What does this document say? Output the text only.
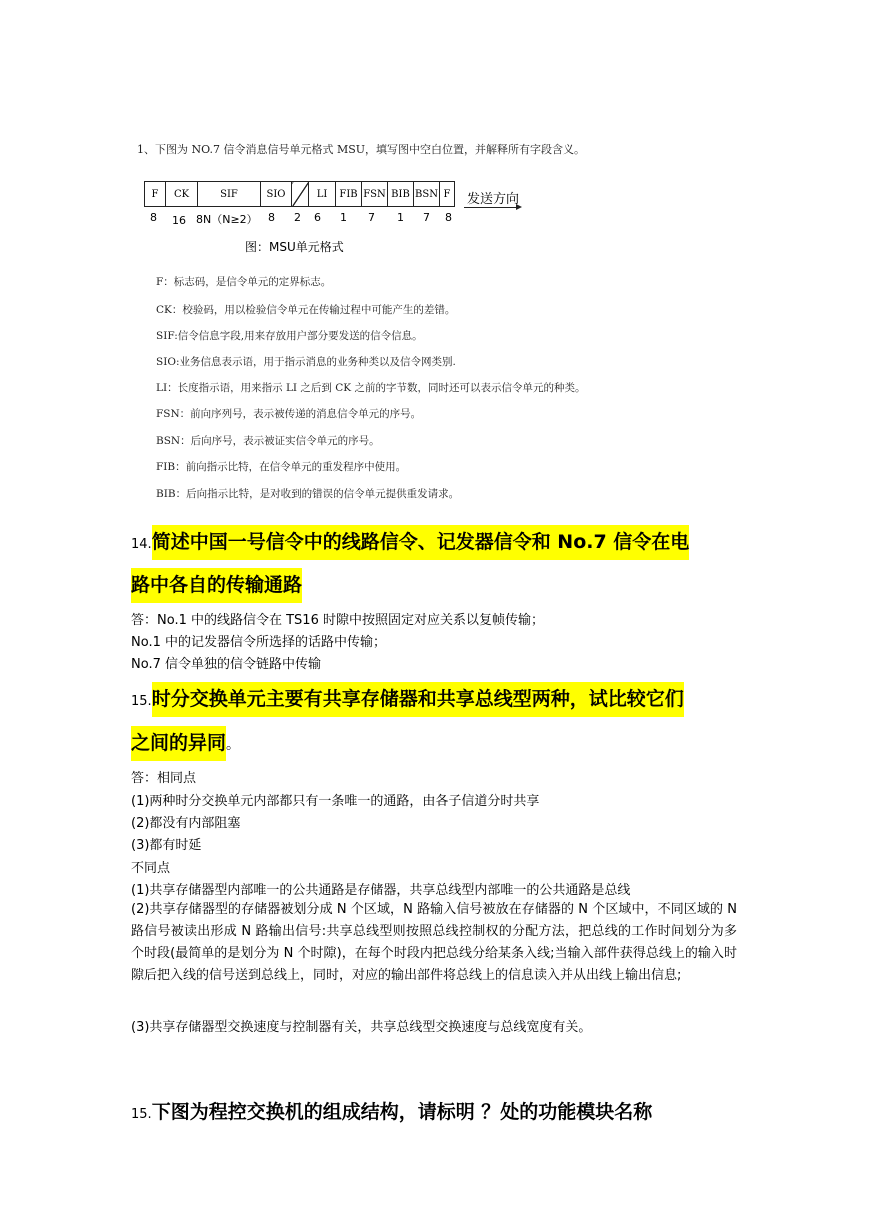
1、下图为 NO.7 信令消息信号单元格式 MSU，填写图中空白位置，并解释所有字段含义。
F	CK	SIF	SIO		LI	FIB	FSN	BIB	BSN	F 发送方向
8 16 8N（N≥2） 8 2 6 1 7 1 7 8
图：MSU单元格式
F：标志码，是信令单元的定界标志。
CK：校验码，用以检验信令单元在传输过程中可能产生的差错。
SIF:信令信息字段,用来存放用户部分要发送的信令信息。
SIO:业务信息表示语，用于指示消息的业务种类以及信令网类别.
LI：长度指示语，用来指示 LI 之后到 CK 之前的字节数，同时还可以表示信令单元的种类。
FSN：前向序列号，表示被传递的消息信令单元的序号。
BSN：后向序号，表示被证实信令单元的序号。
FIB：前向指示比特，在信令单元的重发程序中使用。
BIB：后向指示比特，是对收到的错误的信令单元提供重发请求。
14.简述中国一号信令中的线路信令、记发器信令和 No.7 信令在电
路中各自的传输通路
答：No.1 中的线路信令在 TS16 时隙中按照固定对应关系以复帧传输；
No.1 中的记发器信令所选择的话路中传输；
No.7 信令单独的信令链路中传输
15.时分交换单元主要有共享存储器和共享总线型两种，试比较它们
之间的异同。
答：相同点
(1)两种时分交换单元内部都只有一条唯一的通路，由各子信道分时共享
(2)都没有内部阻塞
(3)都有时延
不同点
(1)共享存储器型内部唯一的公共通路是存储器，共享总线型内部唯一的公共通路是总线
(2)共享存储器型的存储器被划分成 N 个区域，N 路输入信号被放在存储器的 N 个区域中，不同区域的 N 路信号被读出形成 N 路输出信号:共享总线型则按照总线控制权的分配方法，把总线的工作时间划分为多个时段(最简单的是划分为 N 个时隙)，在每个时段内把总线分给某条入线;当输入部件获得总线上的输入时隙后把入线的信号送到总线上，同时，对应的输出部件将总线上的信息读入并从出线上输出信息;
(3)共享存储器型交换速度与控制器有关，共享总线型交换速度与总线宽度有关。
15.下图为程控交换机的组成结构，请标明 ？处的功能模块名称
